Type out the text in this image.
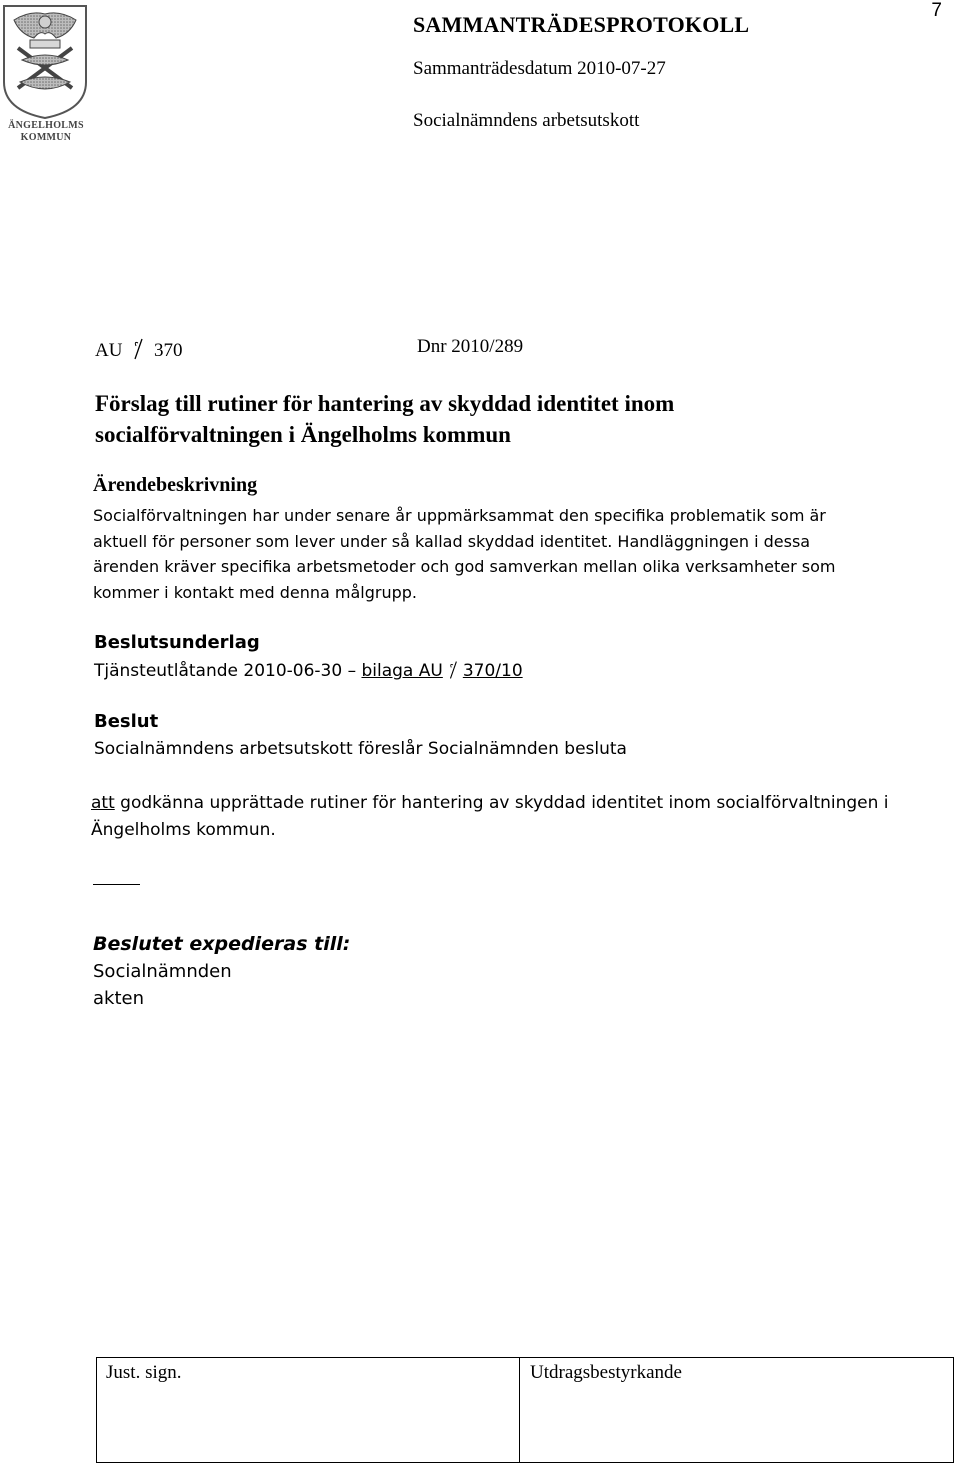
7
ÄNGELHOLMS
KOMMUN
SAMMANTRÄDESPROTOKOLL
Sammanträdesdatum 2010-07-27
Socialnämndens arbetsutskott
AU 370	Dnr 2010/289
Förslag till rutiner för hantering av skyddad identitet inom
socialförvaltningen i Ängelholms kommun
Ärendebeskrivning
Socialförvaltningen har under senare år uppmärksammat den specifika problematik som är
aktuell för personer som lever under så kallad skyddad identitet. Handläggningen i dessa
ärenden kräver specifika arbetsmetoder och god samverkan mellan olika verksamheter som
kommer i kontakt med denna målgrupp.
Beslutsunderlag
Tjänsteutlåtande 2010-06-30 – bilaga AU 370/10
Beslut
Socialnämndens arbetsutskott föreslår Socialnämnden besluta
att godkänna upprättade rutiner för hantering av skyddad identitet inom socialförvaltningen i
Ängelholms kommun.
Beslutet expedieras till:
Socialnämnden
akten
Just. sign.	Utdragsbestyrkande
